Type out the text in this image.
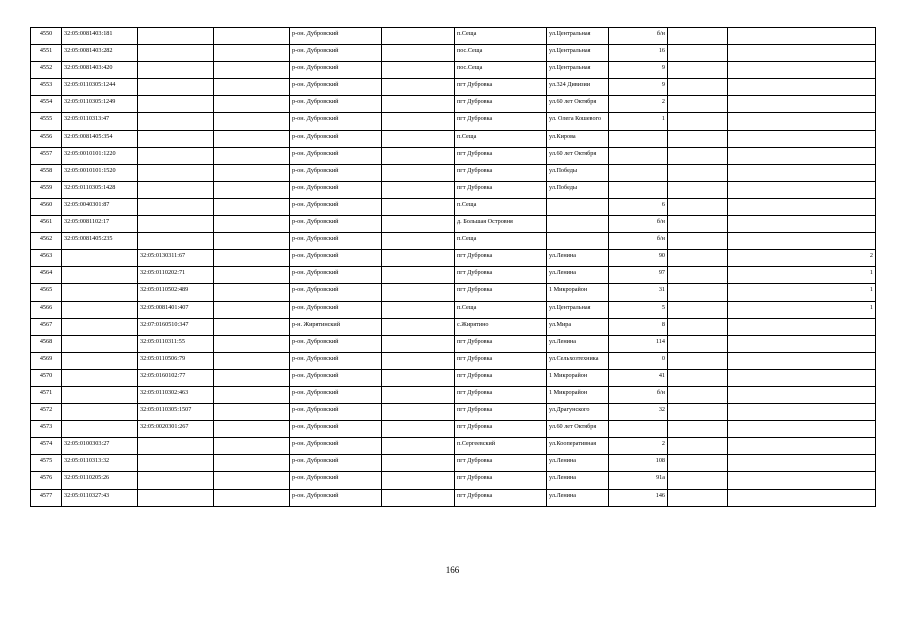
4550	32:05:0081403:181			р-он. Дубровский		п.Сеща	ул.Центральная	б/н		
4551	32:05:0081403:282			р-он. Дубровский		пос.Сеща	ул.Центральная	16		
4552	32:05:0081403:420			р-он. Дубровский		пос.Сеща	ул.Центральная	9		
4553	32:05:0110305:1244			р-он. Дубровский		пгт Дубровка	ул.324 Дивизии	9		
4554	32:05:0110305:1249			р-он. Дубровский		пгт Дубровка	ул.60 лет Октября	2		
4555	32:05:0110313:47			р-он. Дубровский		пгт Дубровка	ул. Олега Кошевого	1		
4556	32:05:0081405:354			р-он. Дубровский		п.Сеща	ул.Кирова			
4557	32:05:0010101:1220			р-он. Дубровский		пгт Дубровка	ул.60 лет Октября			
4558	32:05:0010101:1520			р-он. Дубровский		пгт Дубровка	ул.Победы			
4559	32:05:0110305:1428			р-он. Дубровский		пгт Дубровка	ул.Победы			
4560	32:05:0040301:87			р-он. Дубровский		п.Сеща		6		
4561	32:05:0081102:17			р-он. Дубровский		д. Большая Островня		б/н		
4562	32:05:0081405:235			р-он. Дубровский		п.Сеща		б/н		
4563		32:05:0130311:67		р-он. Дубровский		пгт Дубровка	ул.Ленина	90		2
4564		32:05:0110202:71		р-он. Дубровский		пгт Дубровка	ул.Ленина	97		1
4565		32:05:0110502:489		р-он. Дубровский		пгт Дубровка	1 Микрорайон	31		1
4566		32:05:0081401:407		р-он. Дубровский		п.Сеща	ул.Центральная	5		1
4567		32:07:0160510:347		р-н. Жирятинский		с.Жирятино	ул.Мира	8		
4568		32:05:0110311:55		р-он. Дубровский		пгт Дубровка	ул.Ленина	114		
4569		32:05:0110506:79		р-он. Дубровский		пгт Дубровка	ул.Сельхозтехника	0		
4570		32:05:0160102:77		р-он. Дубровский		пгт Дубровка	1 Микрорайон	41		
4571		32:05:0110302:463		р-он. Дубровский		пгт Дубровка	1 Микрорайон	б/н		
4572		32:05:0110305:1507		р-он. Дубровский		пгт Дубровка	ул.Драгунского	32		
4573		32:05:0020301:267		р-он. Дубровский		пгт Дубровка	ул.60 лет Октября			
4574	32:05:0100303:27			р-он. Дубровский		п.Сергеевский	ул.Кооперативная	2		
4575	32:05:0110313:32			р-он. Дубровский		пгт Дубровка	ул.Ленина	108		
4576	32:05:0110205:26			р-он. Дубровский		пгт Дубровка	ул.Ленина	91а		
4577	32:05:0110327:43			р-он. Дубровский		пгт Дубровка	ул.Ленина	146		
166
